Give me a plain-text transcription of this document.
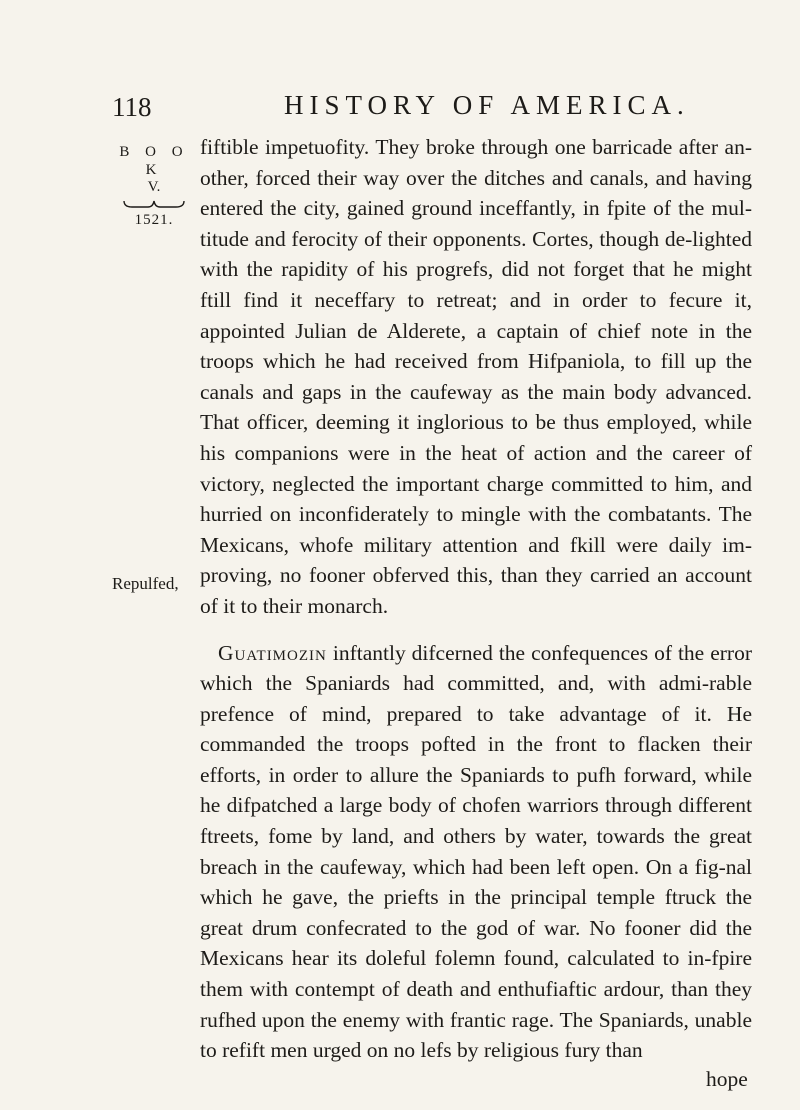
118	HISTORY OF AMERICA.
B O O K
V.
1521.
Repulfed,

fiftible impetuofity. They broke through one barricade after an-other, forced their way over the ditches and canals, and having entered the city, gained ground inceffantly, in fpite of the mul-titude and ferocity of their opponents. Cortes, though de-lighted with the rapidity of his progrefs, did not forget that he might ftill find it neceffary to retreat; and in order to fecure it, appointed Julian de Alderete, a captain of chief note in the troops which he had received from Hifpaniola, to fill up the canals and gaps in the caufeway as the main body advanced. That officer, deeming it inglorious to be thus employed, while his companions were in the heat of action and the career of victory, neglected the important charge committed to him, and hurried on inconfiderately to mingle with the combatants. The Mexicans, whofe military attention and fkill were daily im-proving, no fooner obferved this, than they carried an account of it to their monarch.

Guatimozin inftantly difcerned the confequences of the error which the Spaniards had committed, and, with admi-rable prefence of mind, prepared to take advantage of it. He commanded the troops pofted in the front to flacken their efforts, in order to allure the Spaniards to pufh forward, while he difpatched a large body of chofen warriors through different ftreets, fome by land, and others by water, towards the great breach in the caufeway, which had been left open. On a fig-nal which he gave, the priefts in the principal temple ftruck the great drum confecrated to the god of war. No fooner did the Mexicans hear its doleful folemn found, calculated to in-fpire them with contempt of death and enthufiaftic ardour, than they rufhed upon the enemy with frantic rage. The Spaniards, unable to refift men urged on no lefs by religious fury than

hope
